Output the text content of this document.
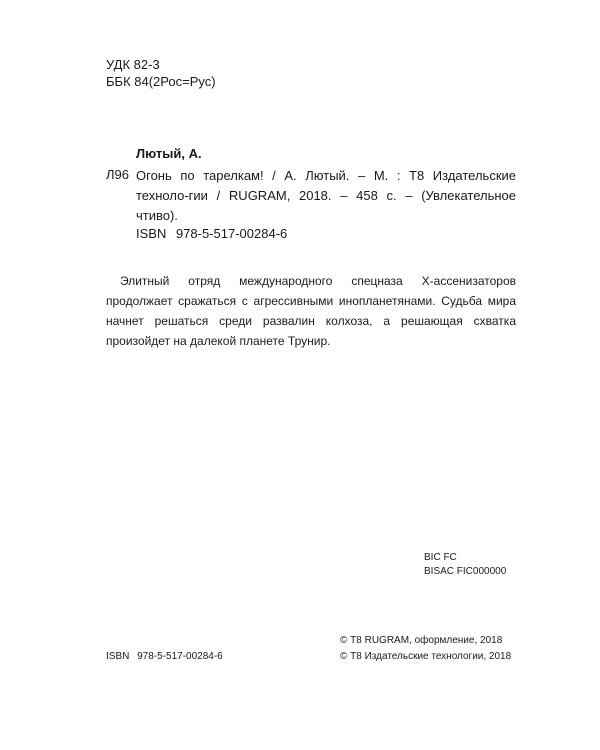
УДК 82-3

ББК 84(2Рос=Рус)

Лютый, А.

Л96 Огонь по тарелкам! / А. Лютый. – М. : Т8 Издательские техноло-гии / RUGRAM, 2018. – 458 с. – (Увлекательное чтиво).

ISBN 978-5-517-00284-6

Элитный отряд международного спецназа Х-ассенизаторов продолжает сражаться с агрессивными инопланетянами. Судьба мира начнет решаться среди развалин колхоза, а решающая схватка произойдет на далекой планете Трунир.

BIC FC

BISAC FIC000000

© Т8 RUGRAM, оформление, 2018

© Т8 Издательские технологии, 2018

ISBN 978-5-517-00284-6
